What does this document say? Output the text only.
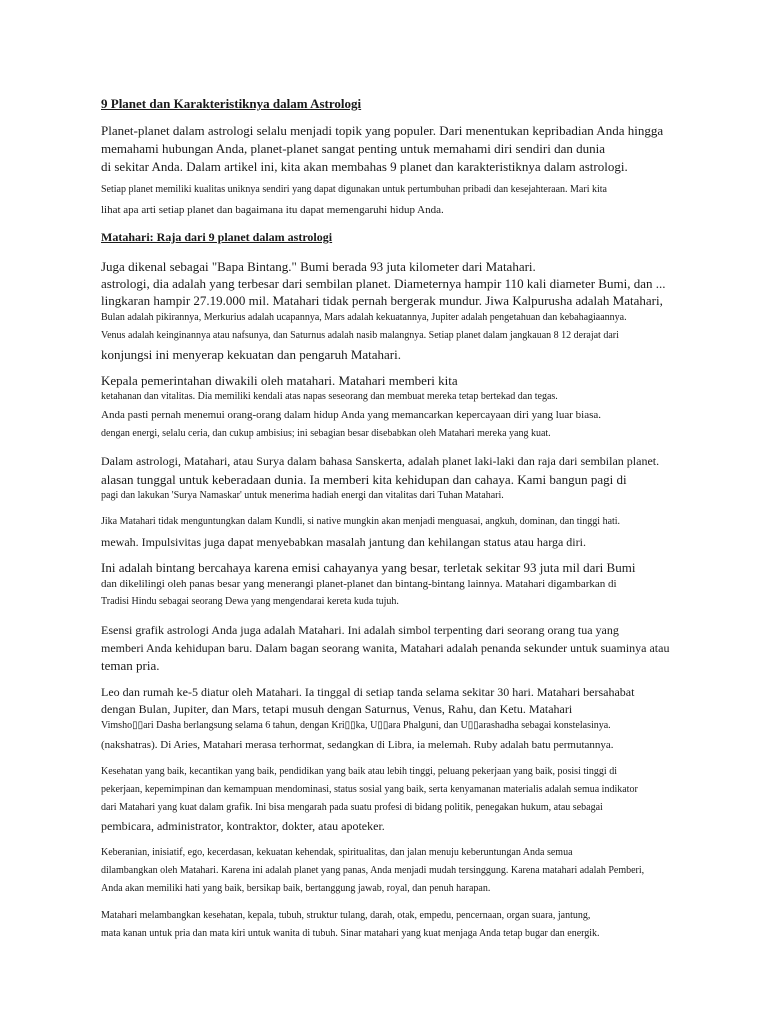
9 Planet dan Karakteristiknya dalam Astrologi

Planet-planet dalam astrologi selalu menjadi topik yang populer. Dari menentukan kepribadian Anda hingga

memahami hubungan Anda, planet-planet sangat penting untuk memahami diri sendiri dan dunia

di sekitar Anda. Dalam artikel ini, kita akan membahas 9 planet dan karakteristiknya dalam astrologi.

Setiap planet memiliki kualitas uniknya sendiri yang dapat digunakan untuk pertumbuhan pribadi dan kesejahteraan. Mari kita

lihat apa arti setiap planet dan bagaimana itu dapat memengaruhi hidup Anda.

Matahari: Raja dari 9 planet dalam astrologi

Juga dikenal sebagai "Bapa Bintang." Bumi berada 93 juta kilometer dari Matahari.

astrologi, dia adalah yang terbesar dari sembilan planet. Diameternya hampir 110 kali diameter Bumi, dan ...

lingkaran hampir 27.19.000 mil. Matahari tidak pernah bergerak mundur. Jiwa Kalpurusha adalah Matahari,

Bulan adalah pikirannya, Merkurius adalah ucapannya, Mars adalah kekuatannya, Jupiter adalah pengetahuan dan kebahagiaannya.

Venus adalah keinginannya atau nafsunya, dan Saturnus adalah nasib malangnya. Setiap planet dalam jangkauan 8 12 derajat dari

konjungsi ini menyerap kekuatan dan pengaruh Matahari.

Kepala pemerintahan diwakili oleh matahari. Matahari memberi kita

ketahanan dan vitalitas. Dia memiliki kendali atas napas seseorang dan membuat mereka tetap bertekad dan tegas.

Anda pasti pernah menemui orang-orang dalam hidup Anda yang memancarkan kepercayaan diri yang luar biasa.

dengan energi, selalu ceria, dan cukup ambisius; ini sebagian besar disebabkan oleh Matahari mereka yang kuat.

Dalam astrologi, Matahari, atau Surya dalam bahasa Sanskerta, adalah planet laki-laki dan raja dari sembilan planet.

alasan tunggal untuk keberadaan dunia. Ia memberi kita kehidupan dan cahaya. Kami bangun pagi di

pagi dan lakukan 'Surya Namaskar' untuk menerima hadiah energi dan vitalitas dari Tuhan Matahari.

Jika Matahari tidak menguntungkan dalam Kundli, si native mungkin akan menjadi menguasai, angkuh, dominan, dan tinggi hati.

mewah. Impulsivitas juga dapat menyebabkan masalah jantung dan kehilangan status atau harga diri.

Ini adalah bintang bercahaya karena emisi cahayanya yang besar, terletak sekitar 93 juta mil dari Bumi

dan dikelilingi oleh panas besar yang menerangi planet-planet dan bintang-bintang lainnya. Matahari digambarkan di

Tradisi Hindu sebagai seorang Dewa yang mengendarai kereta kuda tujuh.

Esensi grafik astrologi Anda juga adalah Matahari. Ini adalah simbol terpenting dari seorang orang tua yang

memberi Anda kehidupan baru. Dalam bagan seorang wanita, Matahari adalah penanda sekunder untuk suaminya atau

teman pria.

Leo dan rumah ke-5 diatur oleh Matahari. Ia tinggal di setiap tanda selama sekitar 30 hari. Matahari bersahabat

dengan Bulan, Jupiter, dan Mars, tetapi musuh dengan Saturnus, Venus, Rahu, dan Ketu. Matahari

Vimsho▯▯ari Dasha berlangsung selama 6 tahun, dengan Kri▯▯ka, U▯▯ara Phalguni, dan U▯▯arashadha sebagai konstelasinya.

(nakshatras). Di Aries, Matahari merasa terhormat, sedangkan di Libra, ia melemah. Ruby adalah batu permutannya.

Kesehatan yang baik, kecantikan yang baik, pendidikan yang baik atau lebih tinggi, peluang pekerjaan yang baik, posisi tinggi di

pekerjaan, kepemimpinan dan kemampuan mendominasi, status sosial yang baik, serta kenyamanan materialis adalah semua indikator

dari Matahari yang kuat dalam grafik. Ini bisa mengarah pada suatu profesi di bidang politik, penegakan hukum, atau sebagai

pembicara, administrator, kontraktor, dokter, atau apoteker.

Keberanian, inisiatif, ego, kecerdasan, kekuatan kehendak, spiritualitas, dan jalan menuju keberuntungan Anda semua

dilambangkan oleh Matahari. Karena ini adalah planet yang panas, Anda menjadi mudah tersinggung. Karena matahari adalah Pemberi,

Anda akan memiliki hati yang baik, bersikap baik, bertanggung jawab, royal, dan penuh harapan.

Matahari melambangkan kesehatan, kepala, tubuh, struktur tulang, darah, otak, empedu, pencernaan, organ suara, jantung,

mata kanan untuk pria dan mata kiri untuk wanita di tubuh. Sinar matahari yang kuat menjaga Anda tetap bugar dan energik.
